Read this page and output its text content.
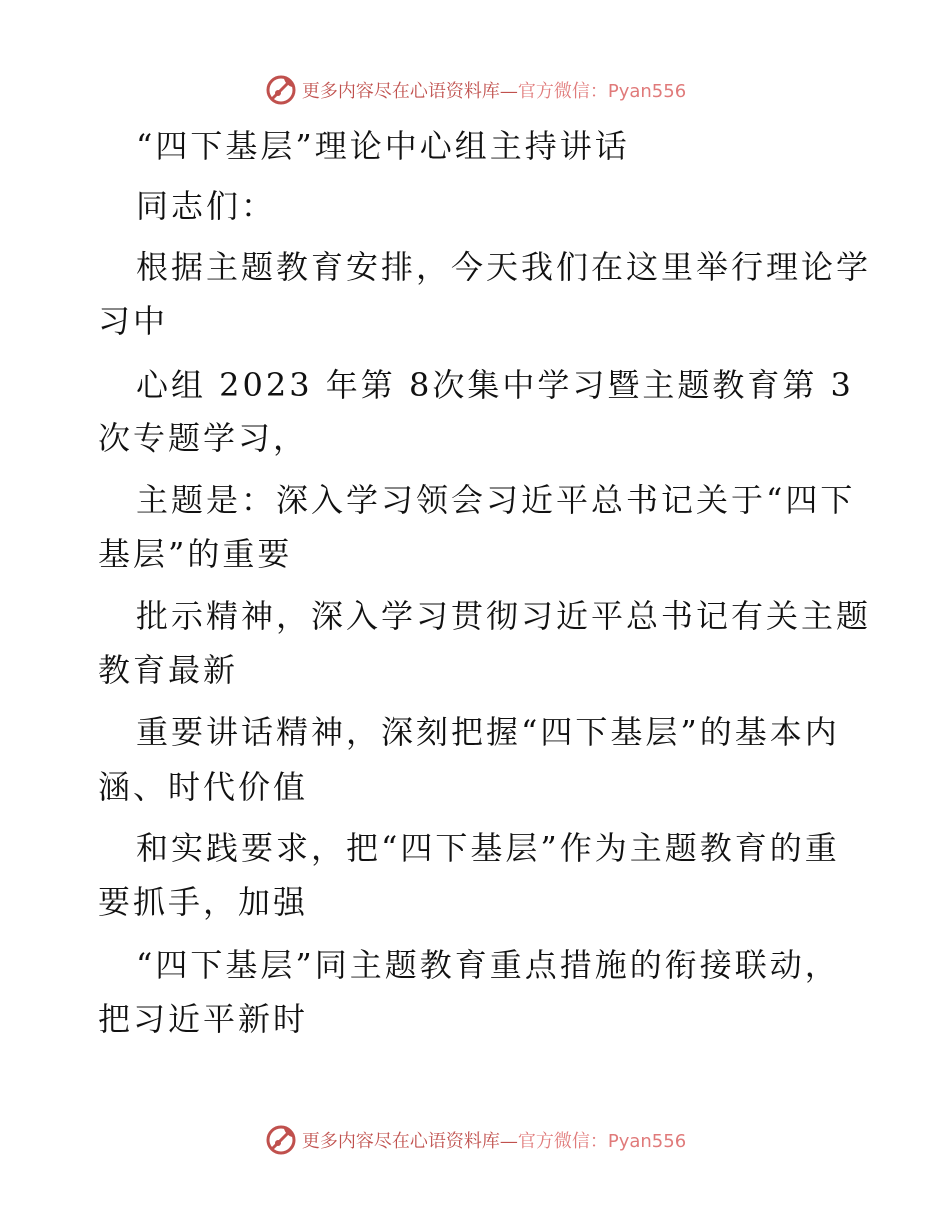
更多内容尽在心语资料库— 官方微信：Pyan556
“四下基层”理论中心组主持讲话
同志们：
根据主题教育安排，今天我们在这里举行理论学
习中
心组 2023 年第 8次集中学习暨主题教育第 3
次专题学习，
主题是：深入学习领会习近平总书记关于“四下
基层”的重要
批示精神，深入学习贯彻习近平总书记有关主题
教育最新
重要讲话精神，深刻把握“四下基层”的基本内
涵、时代价值
和实践要求，把“四下基层”作为主题教育的重
要抓手，加强
“四下基层”同主题教育重点措施的衔接联动，
把习近平新时
更多内容尽在心语资料库— 官方微信：Pyan556
